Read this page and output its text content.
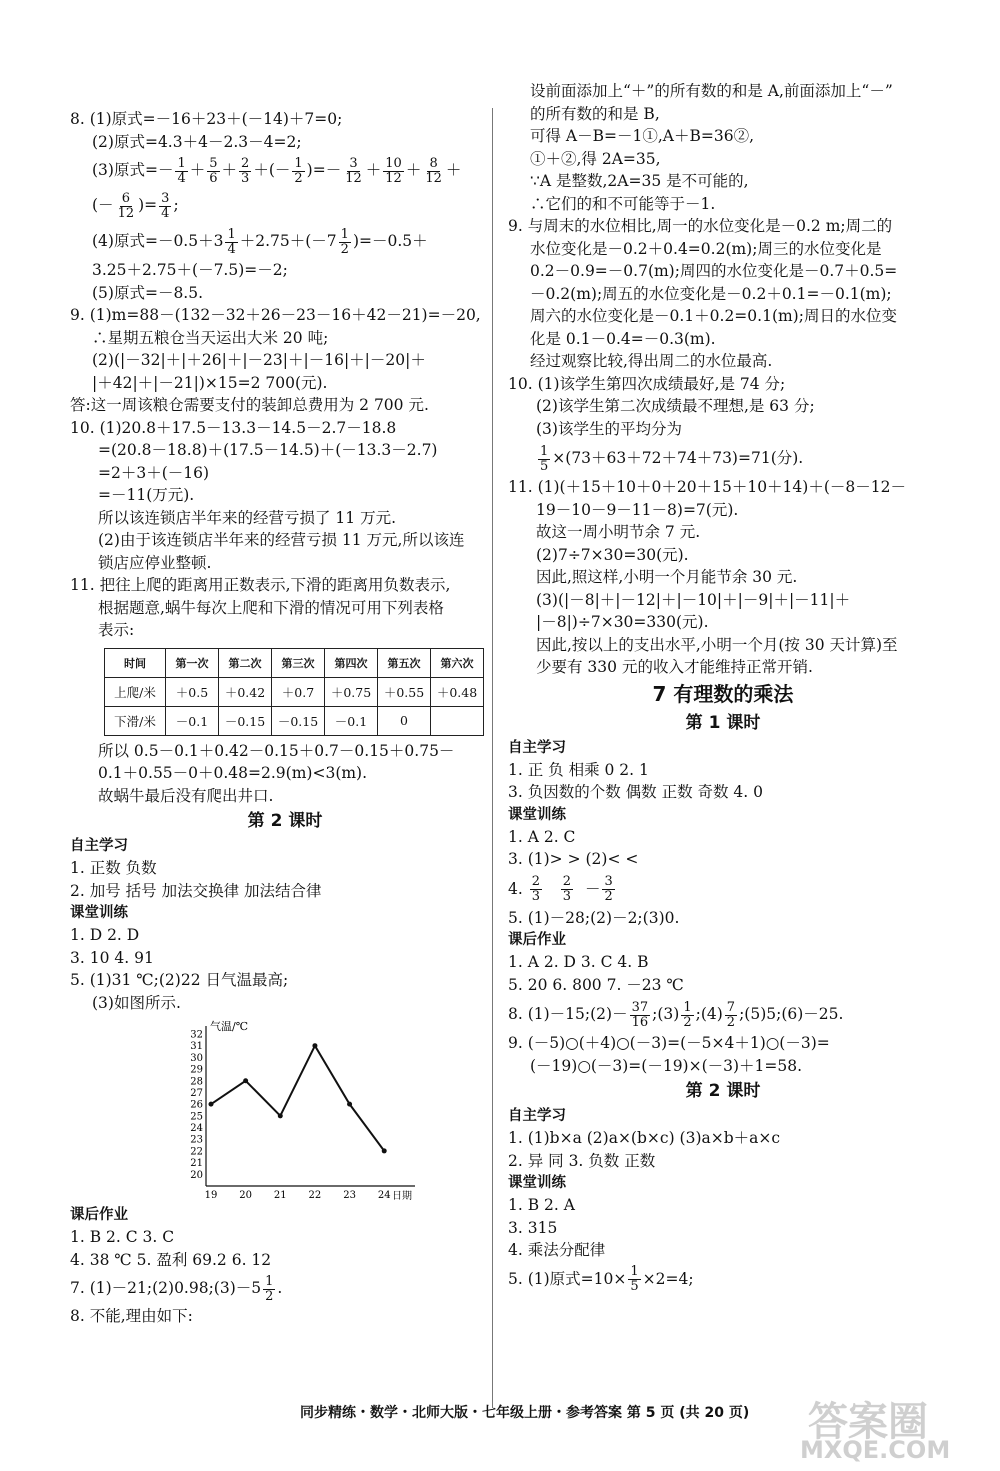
8. (1)原式=－16＋23＋(－14)＋7=0;
(2)原式=4.3＋4－2.3－4=2;
(3)原式=－ $\frac{1}{4} + \frac{5}{6} + \frac{2}{3}$ ＋(－ $\frac{1}{2}$ )=－ $\frac{3}{12} + \frac{10}{12} + \frac{8}{12}$ ＋
(－ $\frac{6}{12}$ )= $\frac{3}{4}$ ;
(4)原式$=-0.5+3 \frac{1}{4} +2.75+(-7 \frac{1}{2} )=-0.5+$
3.25＋2.75＋(－7.5)=－2;
(5)原式=－8.5.
9. (1)m=88－(132－32＋26－23－16＋42－21)=－20,
∴星期五粮仓当天运出大米 20 吨;
(2)(|－32|＋|＋26|＋|－23|＋|－16|＋|－20|＋
|＋42|＋|－21|)×15=2 700(元).
答:这一周该粮仓需要支付的装卸总费用为 2 700 元.
10. (1)20.8＋17.5－13.3－14.5－2.7－18.8
=(20.8－18.8)＋(17.5－14.5)＋(－13.3－2.7)
=2＋3＋(－16)
=－11(万元).
所以该连锁店半年来的经营亏损了 11 万元.
(2)由于该连锁店半年来的经营亏损 11 万元,所以该连
锁店应停业整顿.
11. 把往上爬的距离用正数表示,下滑的距离用负数表示,
根据题意,蜗牛每次上爬和下滑的情况可用下列表格
表示:
时间	第一次	第二次	第三次	第四次	第五次	第六次
上爬/米	＋0.5	＋0.42	＋0.7	＋0.75	＋0.55	＋0.48
下滑/米	－0.1	－0.15	－0.15	－0.1	0	
所以 0.5－0.1＋0.42－0.15＋0.7－0.15＋0.75－
0.1＋0.55－0＋0.48=2.9(m)<3(m).
故蜗牛最后没有爬出井口.
第 2 课时
自主学习
1. 正数 负数
2. 加号 括号 加法交换律 加法结合律
课堂训练
1. D 2. D
3. 10 4. 91
5. (1)31 ℃;(2)22 日气温最高;
(3)如图所示.
气温/℃
日期
32
31
30
29
28
27
26
25
24
23
22
21
20
19 20 21 22 23 24
课后作业
1. B 2. C 3. C
4. 38 ℃ 5. 盈利 69.2 6. 12
7. (1)－21;(2)0.98;(3)－5 $\frac{1}{2}$ .
8. 不能,理由如下:
设前面添加上“＋”的所有数的和是 A,前面添加上“－”
的所有数的和是 B,
可得 A－B=－1①,A＋B=36②,
①＋②,得 2A=35,
∵A 是整数,2A=35 是不可能的,
∴它们的和不可能等于－1.
9. 与周末的水位相比,周一的水位变化是－0.2 m;周二的
水位变化是－0.2＋0.4=0.2(m);周三的水位变化是
0.2－0.9=－0.7(m);周四的水位变化是－0.7＋0.5=
－0.2(m);周五的水位变化是－0.2＋0.1=－0.1(m);
周六的水位变化是－0.1＋0.2=0.1(m);周日的水位变
化是 0.1－0.4=－0.3(m).
经过观察比较,得出周二的水位最高.
10. (1)该学生第四次成绩最好,是 74 分;
(2)该学生第二次成绩最不理想,是 63 分;
(3)该学生的平均分为
$\frac{1}{5} \times(73+63+72+74+73)=71$(分).
11. (1)(＋15＋10＋0＋20＋15＋10＋14)＋(－8－12－
19－10－9－11－8)=7(元).
故这一周小明节余 7 元.
(2)7÷7×30=30(元).
因此,照这样,小明一个月能节余 30 元.
(3)(|－8|＋|－12|＋|－10|＋|－9|＋|－11|＋
|－8|)÷7×30=330(元).
因此,按以上的支出水平,小明一个月(按 30 天计算)至
少要有 330 元的收入才能维持正常开销.
7 有理数的乘法
第 1 课时
自主学习
1. 正 负 相乘 0 2. 1
3. 负因数的个数 偶数 正数 奇数 4. 0
课堂训练
1. A 2. C
3. (1)> > (2)< <
4. $\frac{2}{3}$
$\frac{2}{3} - \frac{3}{2}$
5. (1)－28;(2)－2;(3)0.
课后作业
1. A 2. D 3. C 4. B
5. 20 6. 800 7. －23 ℃
8. (1)－15;(2)－ $\frac{37}{16}$ ;(3) $\frac{1}{2}$ ;(4) $\frac{7}{2}$ ;(5)5;(6)－25.
9. (－5)○(＋4)○(－3)=(－5×4＋1)○(－3)=
(－19)○(－3)=(－19)×(－3)＋1=58.
第 2 课时
自主学习
1. (1)b×a (2)a×(b×c) (3)a×b＋a×c
2. 异 同 3. 负数 正数
课堂训练
1. B 2. A
3. 315
4. 乘法分配律
5. (1)原式$=10\times \frac{1}{5} \times 2=4$;
同步精练・数学・北师大版・七年级上册・参考答案 第 5 页 (共 20 页) 答案圈
MXQE.COM
